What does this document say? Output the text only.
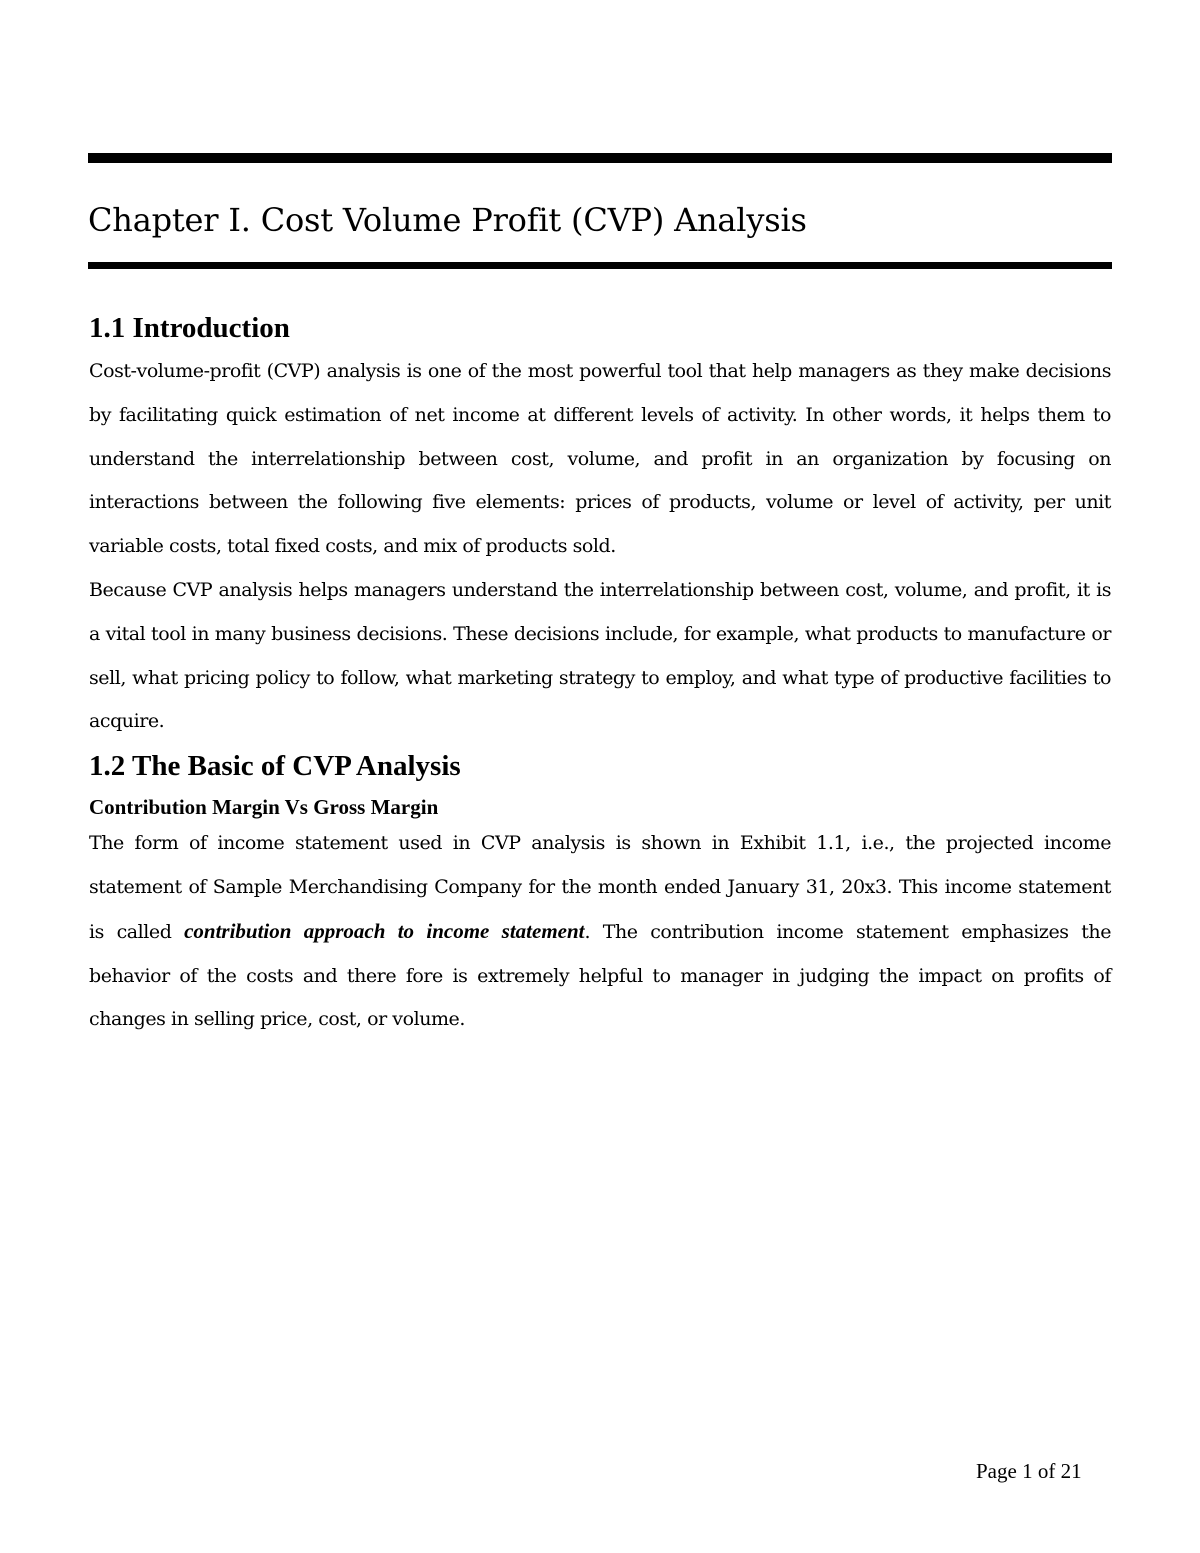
Chapter I. Cost Volume Profit (CVP) Analysis
1.1 Introduction

Cost-volume-profit (CVP) analysis is one of the most powerful tool that help managers as they make decisions by facilitating quick estimation of net income at different levels of activity. In other words, it helps them to understand the interrelationship between cost, volume, and profit in an organization by focusing on interactions between the following five elements: prices of products, volume or level of activity, per unit variable costs, total fixed costs, and mix of products sold.

Because CVP analysis helps managers understand the interrelationship between cost, volume, and profit, it is a vital tool in many business decisions. These decisions include, for example, what products to manufacture or sell, what pricing policy to follow, what marketing strategy to employ, and what type of productive facilities to acquire.

1.2 The Basic of CVP Analysis
Contribution Margin Vs Gross Margin

The form of income statement used in CVP analysis is shown in Exhibit 1.1, i.e., the projected income statement of Sample Merchandising Company for the month ended January 31, 20x3. This income statement is called contribution approach to income statement. The contribution income statement emphasizes the behavior of the costs and there fore is extremely helpful to manager in judging the impact on profits of changes in selling price, cost, or volume.

Page 1 of 21
